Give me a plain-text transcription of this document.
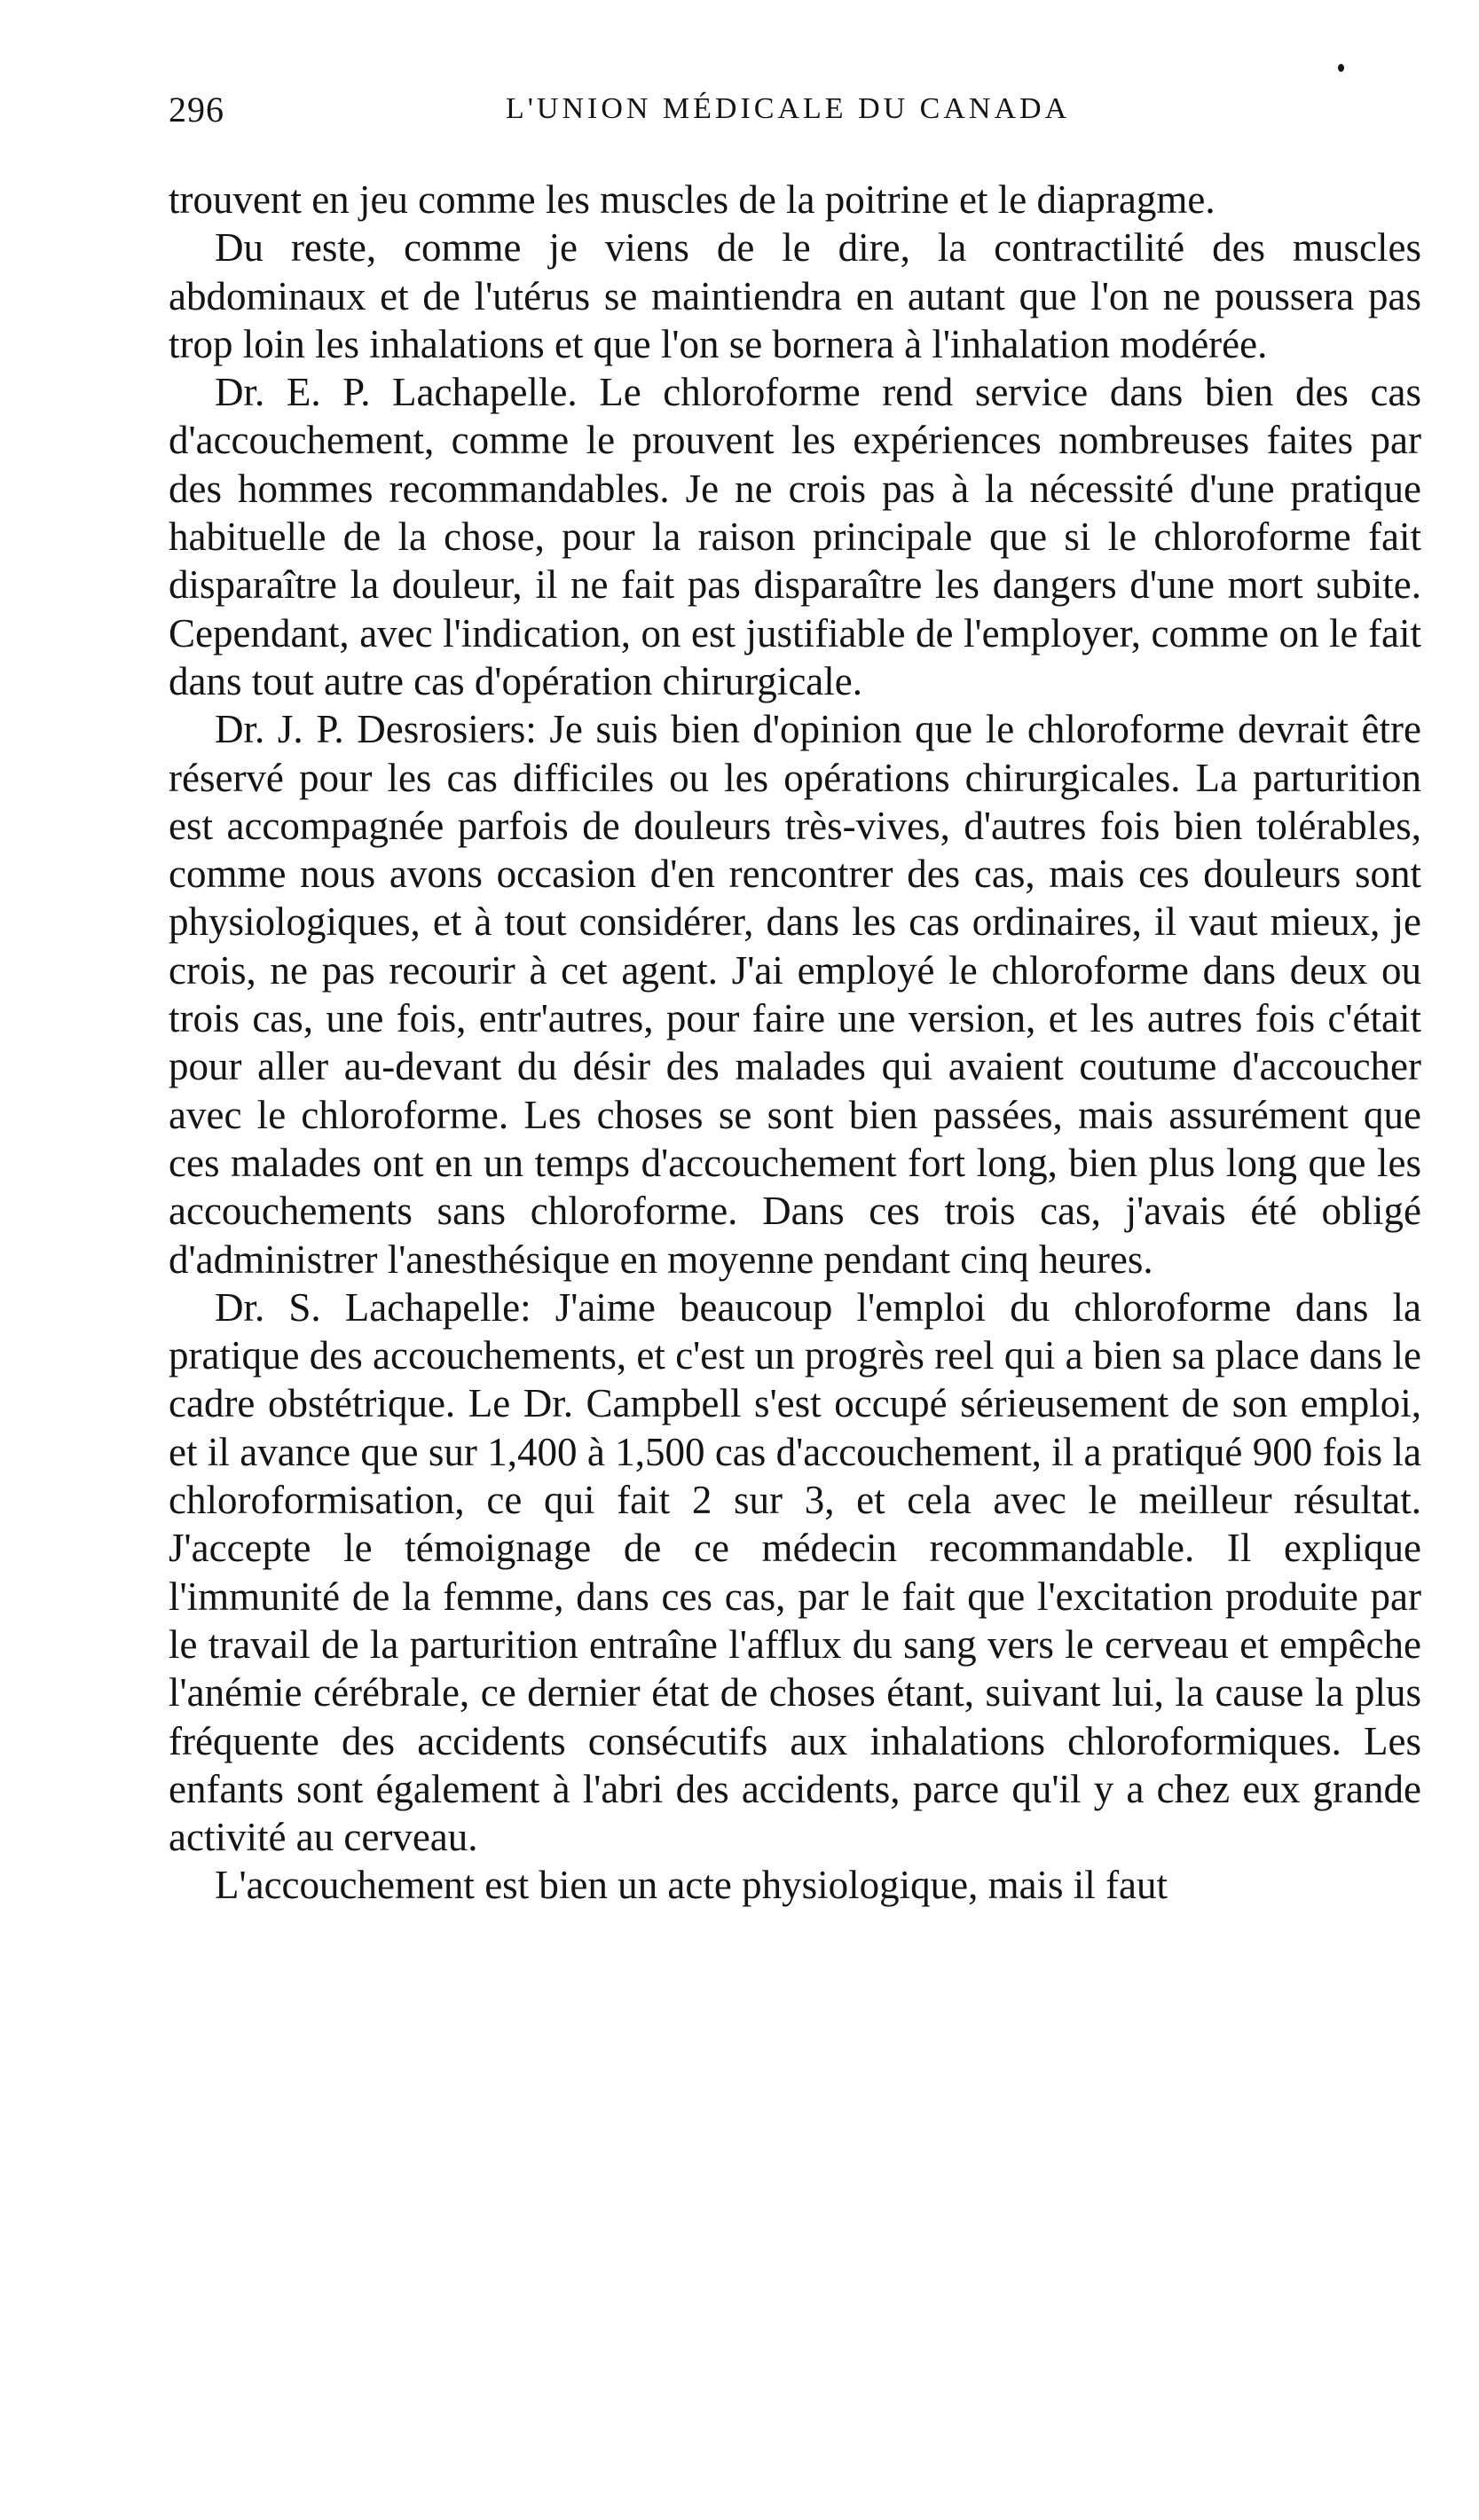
296	L'UNION MÉDICALE DU CANADA

trouvent en jeu comme les muscles de la poitrine et le diapragme.

Du reste, comme je viens de le dire, la contractilité des muscles abdominaux et de l'utérus se maintiendra en autant que l'on ne poussera pas trop loin les inhalations et que l'on se bornera à l'inhalation modérée.

Dr. E. P. Lachapelle. Le chloroforme rend service dans bien des cas d'accouchement, comme le prouvent les expériences nombreuses faites par des hommes recommandables. Je ne crois pas à la nécessité d'une pratique habituelle de la chose, pour la raison principale que si le chloroforme fait disparaître la douleur, il ne fait pas disparaître les dangers d'une mort subite. Cependant, avec l'indication, on est justifiable de l'employer, comme on le fait dans tout autre cas d'opération chirurgicale.

Dr. J. P. Desrosiers: Je suis bien d'opinion que le chloroforme devrait être réservé pour les cas difficiles ou les opérations chirurgicales. La parturition est accompagnée parfois de douleurs très-vives, d'autres fois bien tolérables, comme nous avons occasion d'en rencontrer des cas, mais ces douleurs sont physiologiques, et à tout considérer, dans les cas ordinaires, il vaut mieux, je crois, ne pas recourir à cet agent. J'ai employé le chloroforme dans deux ou trois cas, une fois, entr'autres, pour faire une version, et les autres fois c'était pour aller au-devant du désir des malades qui avaient coutume d'accoucher avec le chloroforme. Les choses se sont bien passées, mais assurément que ces malades ont en un temps d'accouchement fort long, bien plus long que les accouchements sans chloroforme. Dans ces trois cas, j'avais été obligé d'administrer l'anesthésique en moyenne pendant cinq heures.

Dr. S. Lachapelle: J'aime beaucoup l'emploi du chloroforme dans la pratique des accouchements, et c'est un progrès reel qui a bien sa place dans le cadre obstétrique. Le Dr. Campbell s'est occupé sérieusement de son emploi, et il avance que sur 1,400 à 1,500 cas d'accouchement, il a pratiqué 900 fois la chloroformisation, ce qui fait 2 sur 3, et cela avec le meilleur résultat. J'accepte le témoignage de ce médecin recommandable. Il explique l'immunité de la femme, dans ces cas, par le fait que l'excitation produite par le travail de la parturition entraîne l'afflux du sang vers le cerveau et empêche l'anémie cérébrale, ce dernier état de choses étant, suivant lui, la cause la plus fréquente des accidents consécutifs aux inhalations chloroformiques. Les enfants sont également à l'abri des accidents, parce qu'il y a chez eux grande activité au cerveau.

L'accouchement est bien un acte physiologique, mais il faut
